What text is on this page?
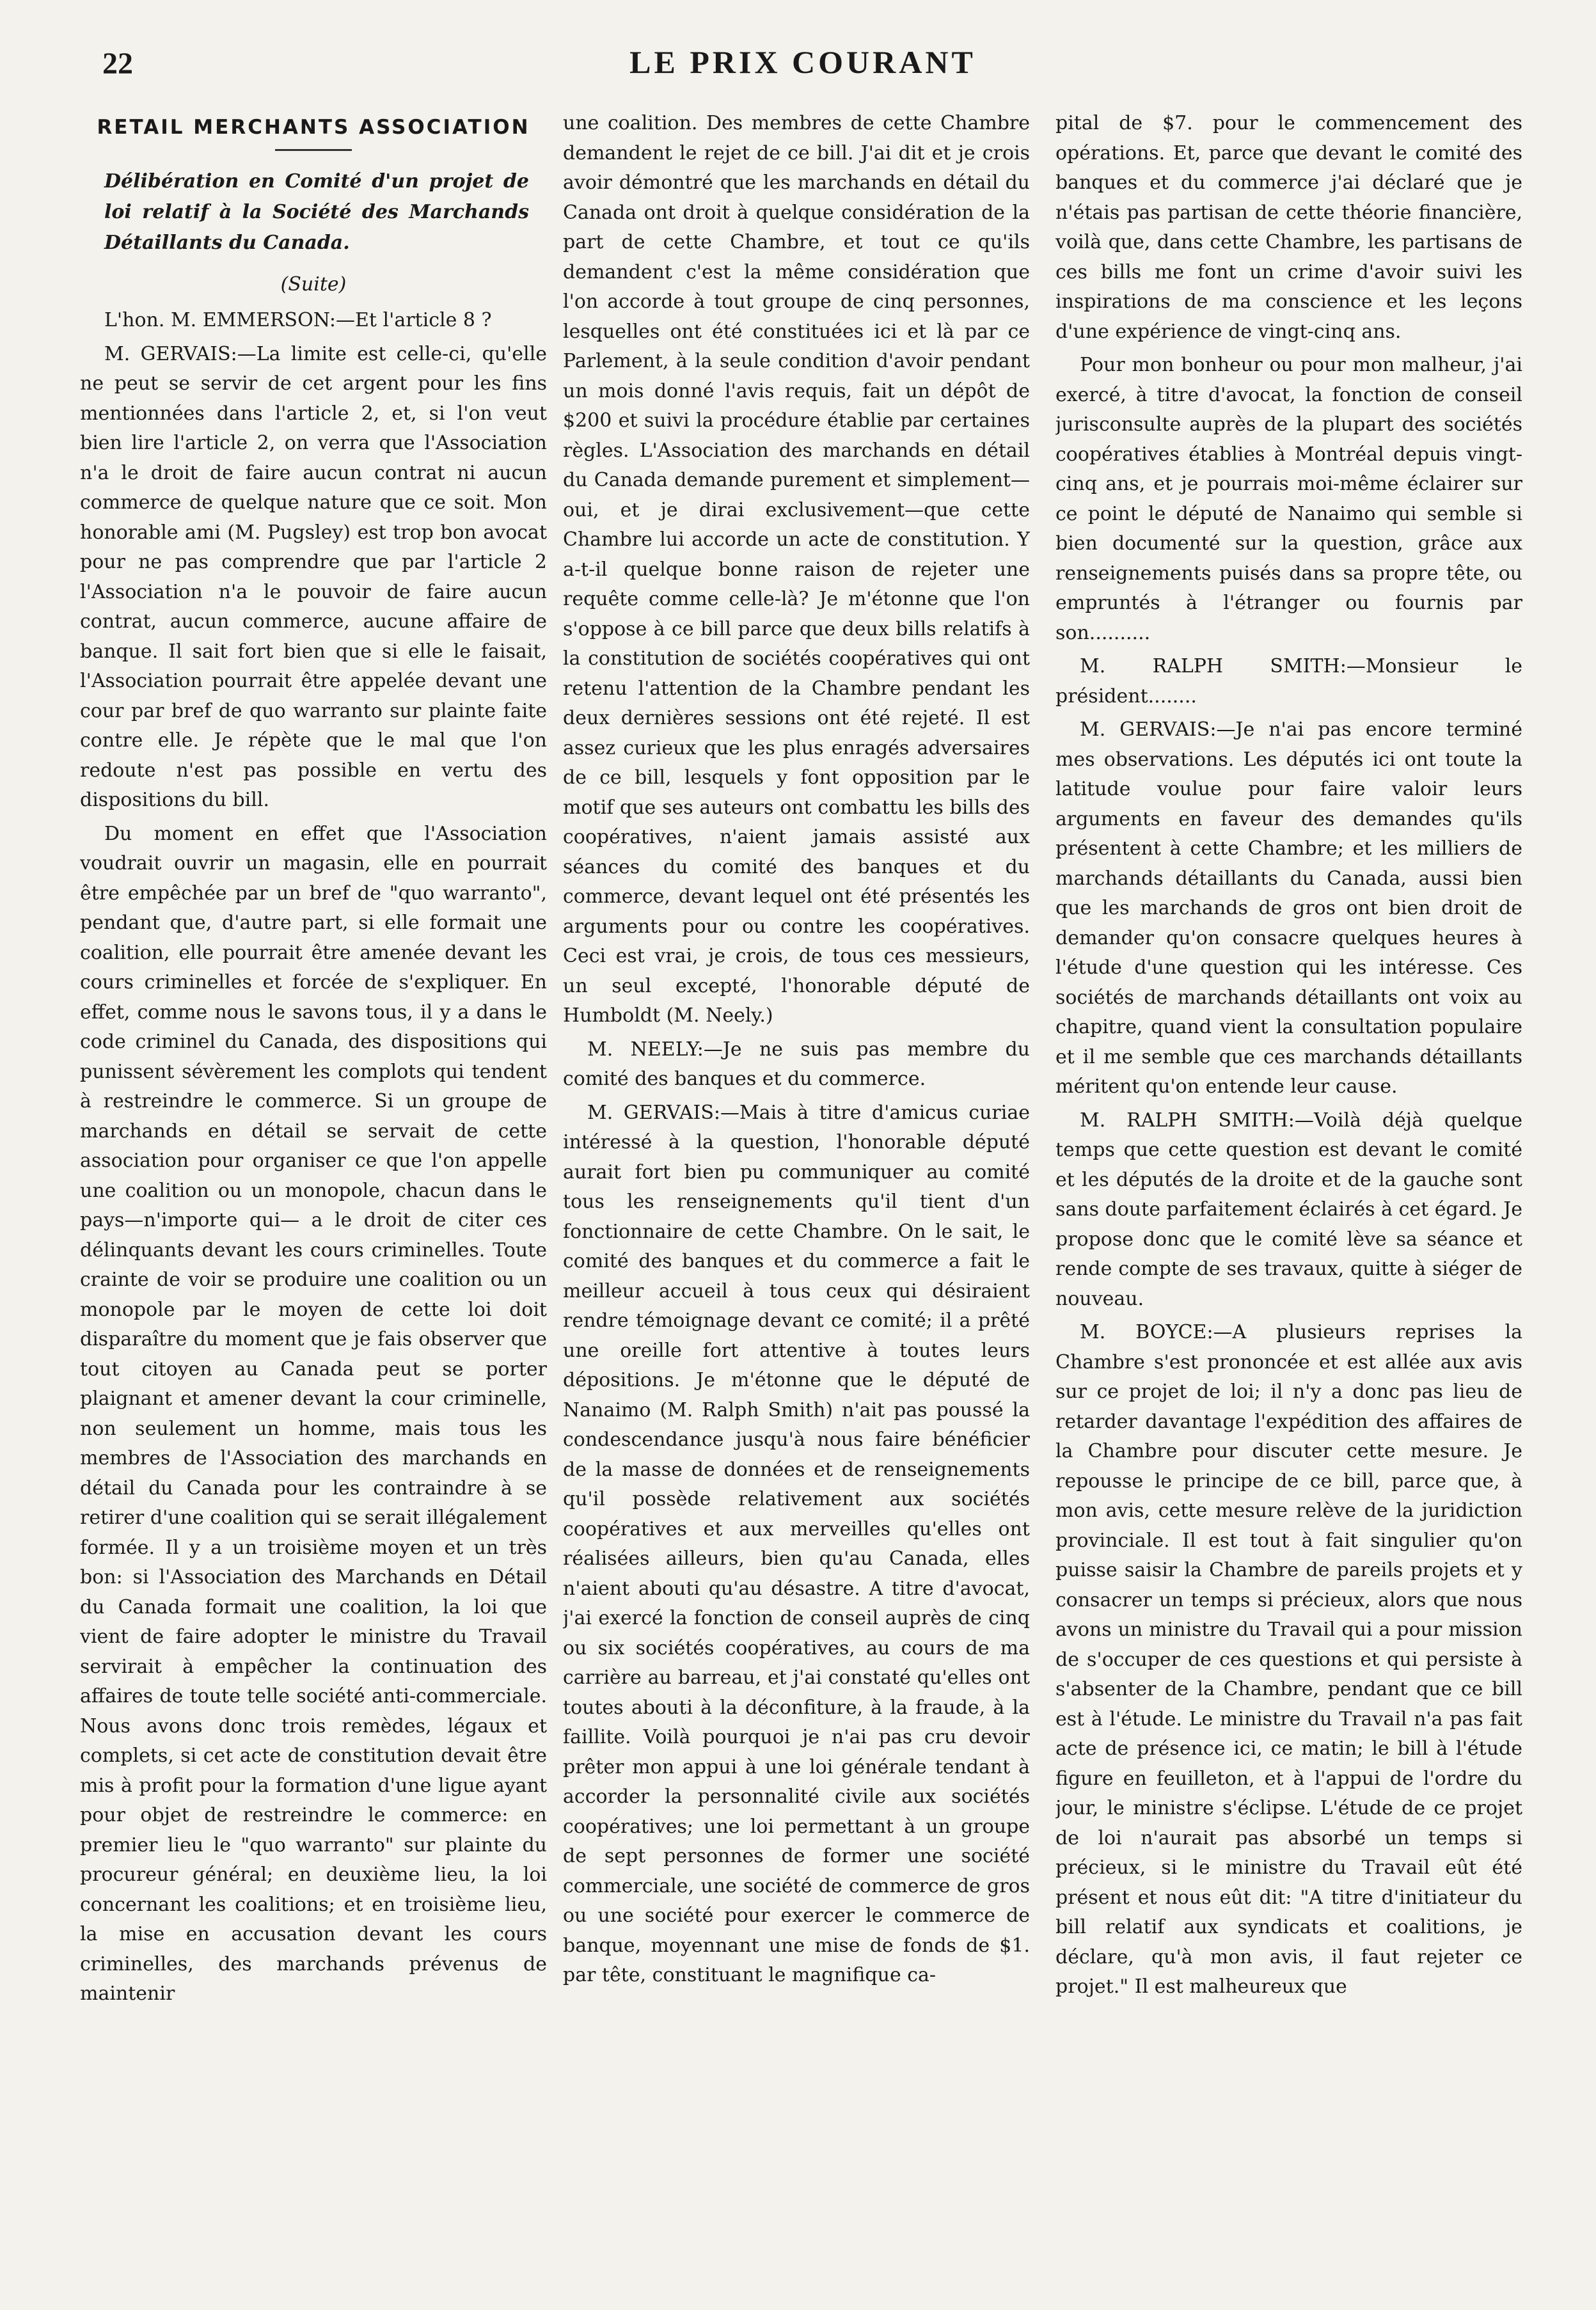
22	LE PRIX COURANT
RETAIL MERCHANTS ASSOCIATION
Délibération en Comité d'un projet de loi relatif à la Société des Marchands Détaillants du Canada.
(Suite)

L'hon. M. EMMERSON:—Et l'article 8 ?

M. GERVAIS:—La limite est celle-ci, qu'elle ne peut se servir de cet argent pour les fins mentionnées dans l'article 2, et, si l'on veut bien lire l'article 2, on verra que l'Association n'a le droit de faire aucun contrat ni aucun commerce de quelque nature que ce soit. Mon honorable ami (M. Pugsley) est trop bon avocat pour ne pas comprendre que par l'article 2 l'Association n'a le pouvoir de faire aucun contrat, aucun commerce, aucune affaire de banque. Il sait fort bien que si elle le faisait, l'Association pourrait être appelée devant une cour par bref de quo warranto sur plainte faite contre elle. Je répète que le mal que l'on redoute n'est pas possible en vertu des dispositions du bill.

Du moment en effet que l'Association voudrait ouvrir un magasin, elle en pourrait être empêchée par un bref de "quo warranto", pendant que, d'autre part, si elle formait une coalition, elle pourrait être amenée devant les cours criminelles et forcée de s'expliquer. En effet, comme nous le savons tous, il y a dans le code criminel du Canada, des dispositions qui punissent sévèrement les complots qui tendent à restreindre le commerce. Si un groupe de marchands en détail se servait de cette association pour organiser ce que l'on appelle une coalition ou un monopole, chacun dans le pays—n'importe qui— a le droit de citer ces délinquants devant les cours criminelles. Toute crainte de voir se produire une coalition ou un monopole par le moyen de cette loi doit disparaître du moment que je fais observer que tout citoyen au Canada peut se porter plaignant et amener devant la cour criminelle, non seulement un homme, mais tous les membres de l'Association des marchands en détail du Canada pour les contraindre à se retirer d'une coalition qui se serait illégalement formée. Il y a un troisième moyen et un très bon: si l'Association des Marchands en Détail du Canada formait une coalition, la loi que vient de faire adopter le ministre du Travail servirait à empêcher la continuation des affaires de toute telle société anti-commerciale. Nous avons donc trois remèdes, légaux et complets, si cet acte de constitution devait être mis à profit pour la formation d'une ligue ayant pour objet de restreindre le commerce: en premier lieu le "quo warranto" sur plainte du procureur général; en deuxième lieu, la loi concernant les coalitions; et en troisième lieu, la mise en accusation devant les cours criminelles, des marchands prévenus de maintenir

une coalition. Des membres de cette Chambre demandent le rejet de ce bill. J'ai dit et je crois avoir démontré que les marchands en détail du Canada ont droit à quelque considération de la part de cette Chambre, et tout ce qu'ils demandent c'est la même considération que l'on accorde à tout groupe de cinq personnes, lesquelles ont été constituées ici et là par ce Parlement, à la seule condition d'avoir pendant un mois donné l'avis requis, fait un dépôt de $200 et suivi la procédure établie par certaines règles. L'Association des marchands en détail du Canada demande purement et simplement—oui, et je dirai exclusivement—que cette Chambre lui accorde un acte de constitution. Y a-t-il quelque bonne raison de rejeter une requête comme celle-là? Je m'étonne que l'on s'oppose à ce bill parce que deux bills relatifs à la constitution de sociétés coopératives qui ont retenu l'attention de la Chambre pendant les deux dernières sessions ont été rejeté. Il est assez curieux que les plus enragés adversaires de ce bill, lesquels y font opposition par le motif que ses auteurs ont combattu les bills des coopératives, n'aient jamais assisté aux séances du comité des banques et du commerce, devant lequel ont été présentés les arguments pour ou contre les coopératives. Ceci est vrai, je crois, de tous ces messieurs, un seul excepté, l'honorable député de Humboldt (M. Neely.)

M. NEELY:—Je ne suis pas membre du comité des banques et du commerce.

M. GERVAIS:—Mais à titre d'amicus curiae intéressé à la question, l'honorable député aurait fort bien pu communiquer au comité tous les renseignements qu'il tient d'un fonctionnaire de cette Chambre. On le sait, le comité des banques et du commerce a fait le meilleur accueil à tous ceux qui désiraient rendre témoignage devant ce comité; il a prêté une oreille fort attentive à toutes leurs dépositions. Je m'étonne que le député de Nanaimo (M. Ralph Smith) n'ait pas poussé la condescendance jusqu'à nous faire bénéficier de la masse de données et de renseignements qu'il possède relativement aux sociétés coopératives et aux merveilles qu'elles ont réalisées ailleurs, bien qu'au Canada, elles n'aient abouti qu'au désastre. A titre d'avocat, j'ai exercé la fonction de conseil auprès de cinq ou six sociétés coopératives, au cours de ma carrière au barreau, et j'ai constaté qu'elles ont toutes abouti à la déconfiture, à la fraude, à la faillite. Voilà pourquoi je n'ai pas cru devoir prêter mon appui à une loi générale tendant à accorder la personnalité civile aux sociétés coopératives; une loi permettant à un groupe de sept personnes de former une société commerciale, une société de commerce de gros ou une société pour exercer le commerce de banque, moyennant une mise de fonds de $1. par tête, constituant le magnifique ca-

pital de $7. pour le commencement des opérations. Et, parce que devant le comité des banques et du commerce j'ai déclaré que je n'étais pas partisan de cette théorie financière, voilà que, dans cette Chambre, les partisans de ces bills me font un crime d'avoir suivi les inspirations de ma conscience et les leçons d'une expérience de vingt-cinq ans.

Pour mon bonheur ou pour mon malheur, j'ai exercé, à titre d'avocat, la fonction de conseil jurisconsulte auprès de la plupart des sociétés coopératives établies à Montréal depuis vingt-cinq ans, et je pourrais moi-même éclairer sur ce point le député de Nanaimo qui semble si bien documenté sur la question, grâce aux renseignements puisés dans sa propre tête, ou empruntés à l'étranger ou fournis par son..........

M. RALPH SMITH:—Monsieur le président........

M. GERVAIS:—Je n'ai pas encore terminé mes observations. Les députés ici ont toute la latitude voulue pour faire valoir leurs arguments en faveur des demandes qu'ils présentent à cette Chambre; et les milliers de marchands détaillants du Canada, aussi bien que les marchands de gros ont bien droit de demander qu'on consacre quelques heures à l'étude d'une question qui les intéresse. Ces sociétés de marchands détaillants ont voix au chapitre, quand vient la consultation populaire et il me semble que ces marchands détaillants méritent qu'on entende leur cause.

M. RALPH SMITH:—Voilà déjà quelque temps que cette question est devant le comité et les députés de la droite et de la gauche sont sans doute parfaitement éclairés à cet égard. Je propose donc que le comité lève sa séance et rende compte de ses travaux, quitte à siéger de nouveau.

M. BOYCE:—A plusieurs reprises la Chambre s'est prononcée et est allée aux avis sur ce projet de loi; il n'y a donc pas lieu de retarder davantage l'expédition des affaires de la Chambre pour discuter cette mesure. Je repousse le principe de ce bill, parce que, à mon avis, cette mesure relève de la juridiction provinciale. Il est tout à fait singulier qu'on puisse saisir la Chambre de pareils projets et y consacrer un temps si précieux, alors que nous avons un ministre du Travail qui a pour mission de s'occuper de ces questions et qui persiste à s'absenter de la Chambre, pendant que ce bill est à l'étude. Le ministre du Travail n'a pas fait acte de présence ici, ce matin; le bill à l'étude figure en feuilleton, et à l'appui de l'ordre du jour, le ministre s'éclipse. L'étude de ce projet de loi n'aurait pas absorbé un temps si précieux, si le ministre du Travail eût été présent et nous eût dit: "A titre d'initiateur du bill relatif aux syndicats et coalitions, je déclare, qu'à mon avis, il faut rejeter ce projet." Il est malheureux que
